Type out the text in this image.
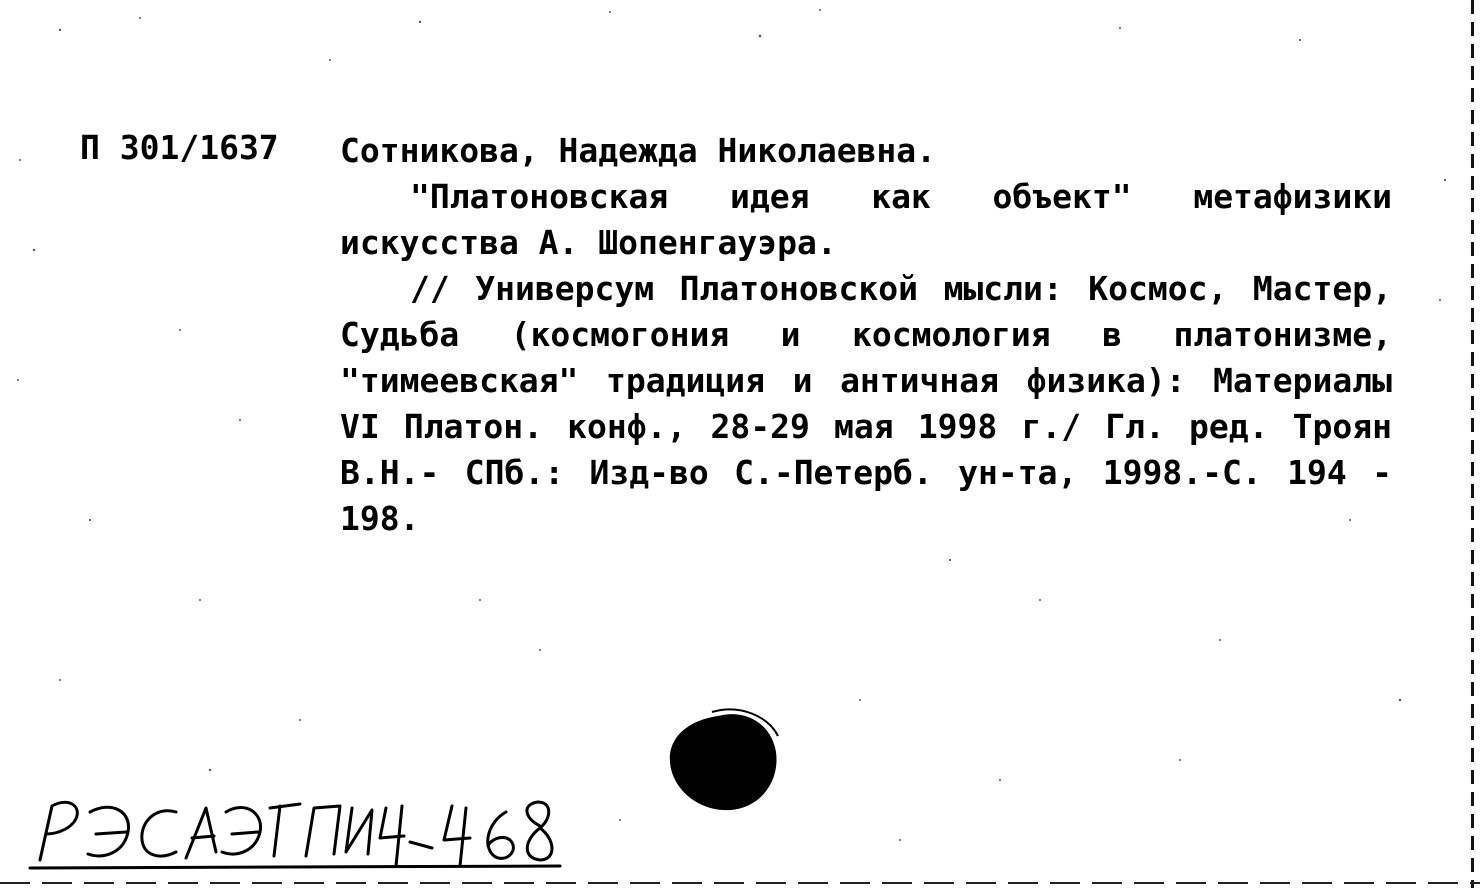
П 301/1637 Сотникова, Надежда Николаевна.

"Платоновская идея как объект" метафизики искусства А. Шопенгауэра.

// Универсум Платоновской мысли: Космос, Мастер, Судьба (космогония и космология в платонизме, "тимеевская" традиция и античная физика): Материалы VI Платон. конф., 28-29 мая 1998 г./ Гл. ред. Троян В.Н.- СПб.: Изд-во С.-Петерб. ун-та, 1998.-С. 194 - 198.
